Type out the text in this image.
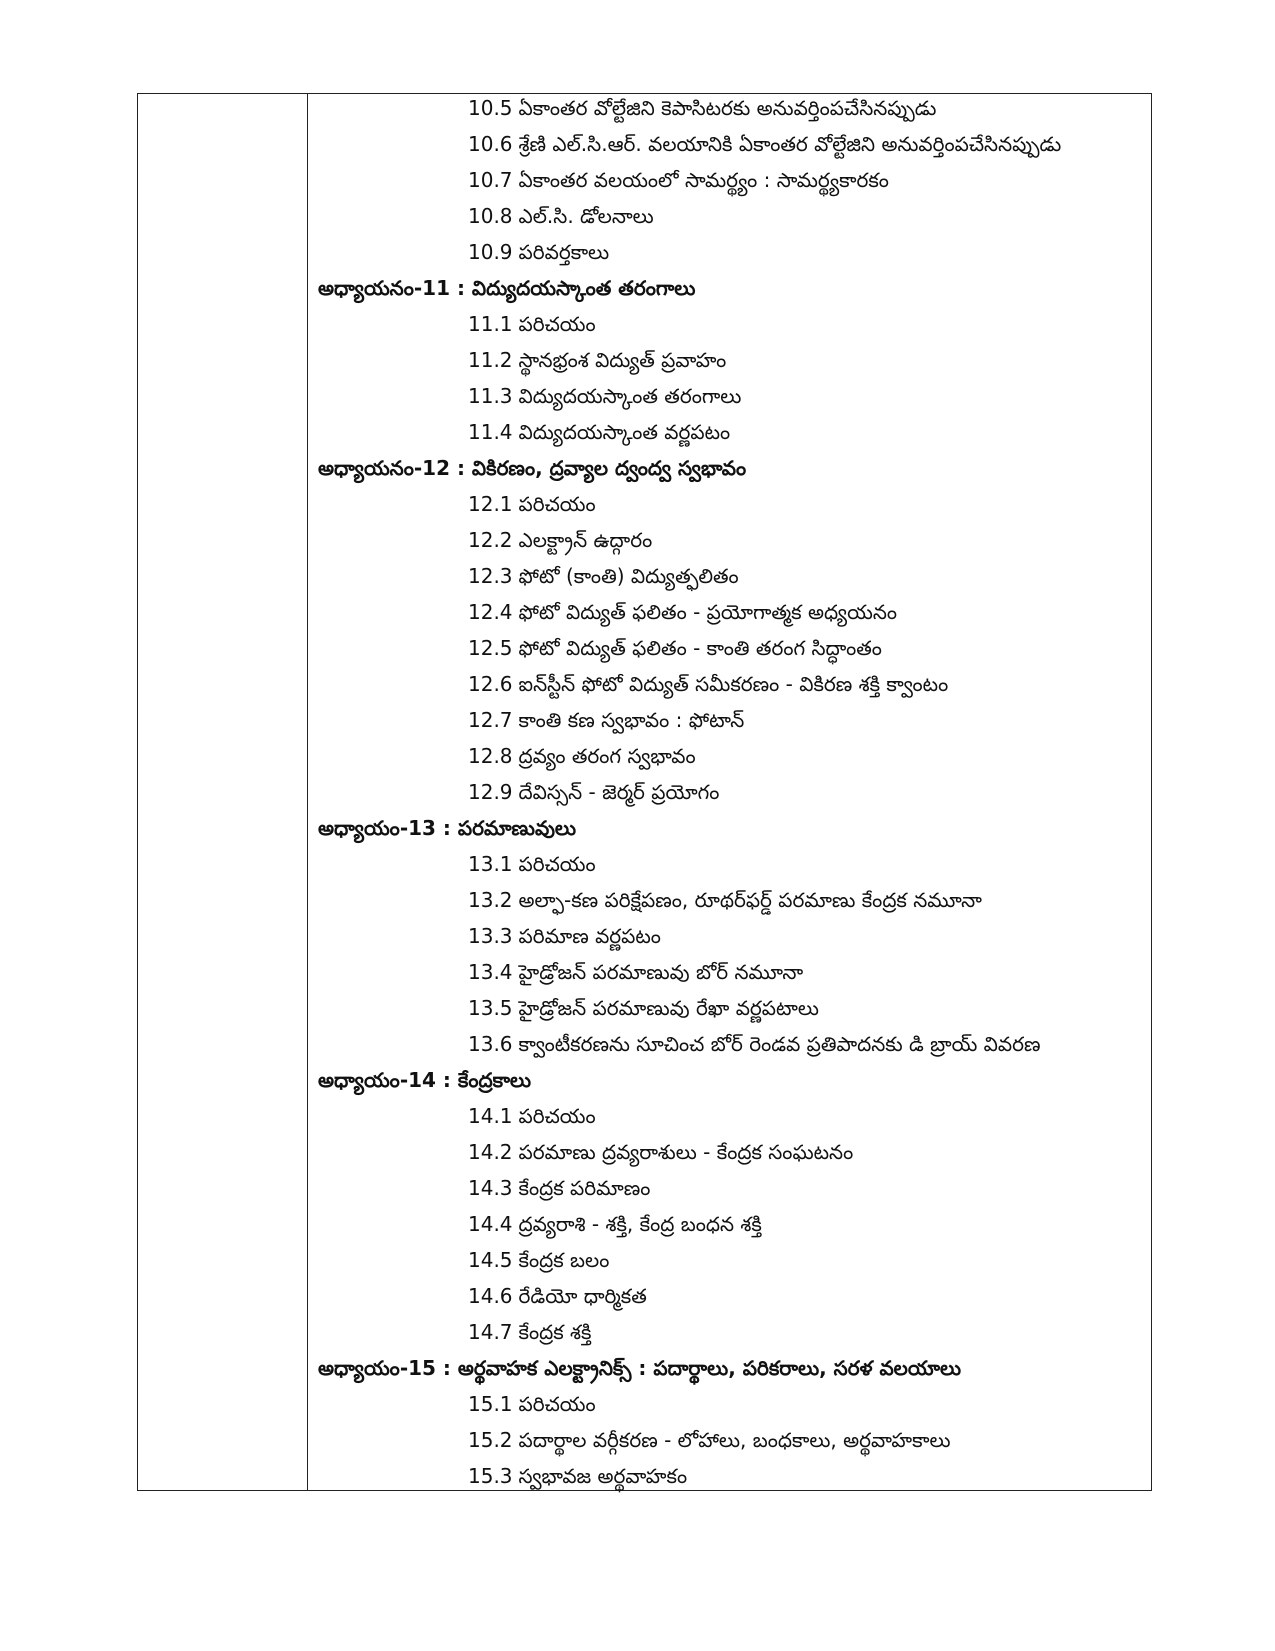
10.5 ఏకాంతర వోల్టేజిని కెపాసిటరకు అనువర్తింపచేసినప్పుడు
10.6 శ్రేణి ఎల్.సి.ఆర్. వలయానికి ఏకాంతర వోల్టేజిని అనువర్తింపచేసినప్పుడు
10.7 ఏకాంతర వలయంలో సామర్థ్యం : సామర్థ్యకారకం
10.8 ఎల్.సి. డోలనాలు
10.9 పరివర్తకాలు
అధ్యాయనం-11 : విద్యుదయస్కాంత తరంగాలు
11.1 పరిచయం
11.2 స్థానభ్రంశ విద్యుత్ ప్రవాహం
11.3 విద్యుదయస్కాంత తరంగాలు
11.4 విద్యుదయస్కాంత వర్ణపటం
అధ్యాయనం-12 : వికిరణం, ద్రవ్యాల ద్వంద్వ స్వభావం
12.1 పరిచయం
12.2 ఎలక్ట్రాన్ ఉద్గారం
12.3 ఫోటో (కాంతి) విద్యుత్ఫలితం
12.4 ఫోటో విద్యుత్ ఫలితం - ప్రయోగాత్మక అధ్యయనం
12.5 ఫోటో విద్యుత్ ఫలితం - కాంతి తరంగ సిద్ధాంతం
12.6 ఐన్‌స్టీన్ ఫోటో విద్యుత్ సమీకరణం - వికిరణ శక్తి క్వాంటం
12.7 కాంతి కణ స్వభావం : ఫోటాన్
12.8 ద్రవ్యం తరంగ స్వభావం
12.9 దేవిస్సన్ - జెర్మర్ ప్రయోగం
అధ్యాయం-13 : పరమాణువులు
13.1 పరిచయం
13.2 అల్ఫా-కణ పరిక్షేపణం, రూథర్‌ఫర్డ్ పరమాణు కేంద్రక నమూనా
13.3 పరిమాణ వర్ణపటం
13.4 హైడ్రోజన్ పరమాణువు బోర్ నమూనా
13.5 హైడ్రోజన్ పరమాణువు రేఖా వర్ణపటాలు
13.6 క్వాంటీకరణను సూచించ బోర్ రెండవ ప్రతిపాదనకు డి బ్రాయ్ వివరణ
అధ్యాయం-14 : కేంద్రకాలు
14.1 పరిచయం
14.2 పరమాణు ద్రవ్యరాశులు - కేంద్రక సంఘటనం
14.3 కేంద్రక పరిమాణం
14.4 ద్రవ్యరాశి - శక్తి, కేంద్ర బంధన శక్తి
14.5 కేంద్రక బలం
14.6 రేడియో ధార్మికత
14.7 కేంద్రక శక్తి
అధ్యాయం-15 : అర్థవాహక ఎలక్ట్రానిక్స్ : పదార్థాలు, పరికరాలు, సరళ వలయాలు
15.1 పరిచయం
15.2 పదార్థాల వర్గీకరణ - లోహాలు, బంధకాలు, అర్థవాహకాలు
15.3 స్వభావజ అర్థవాహకం
